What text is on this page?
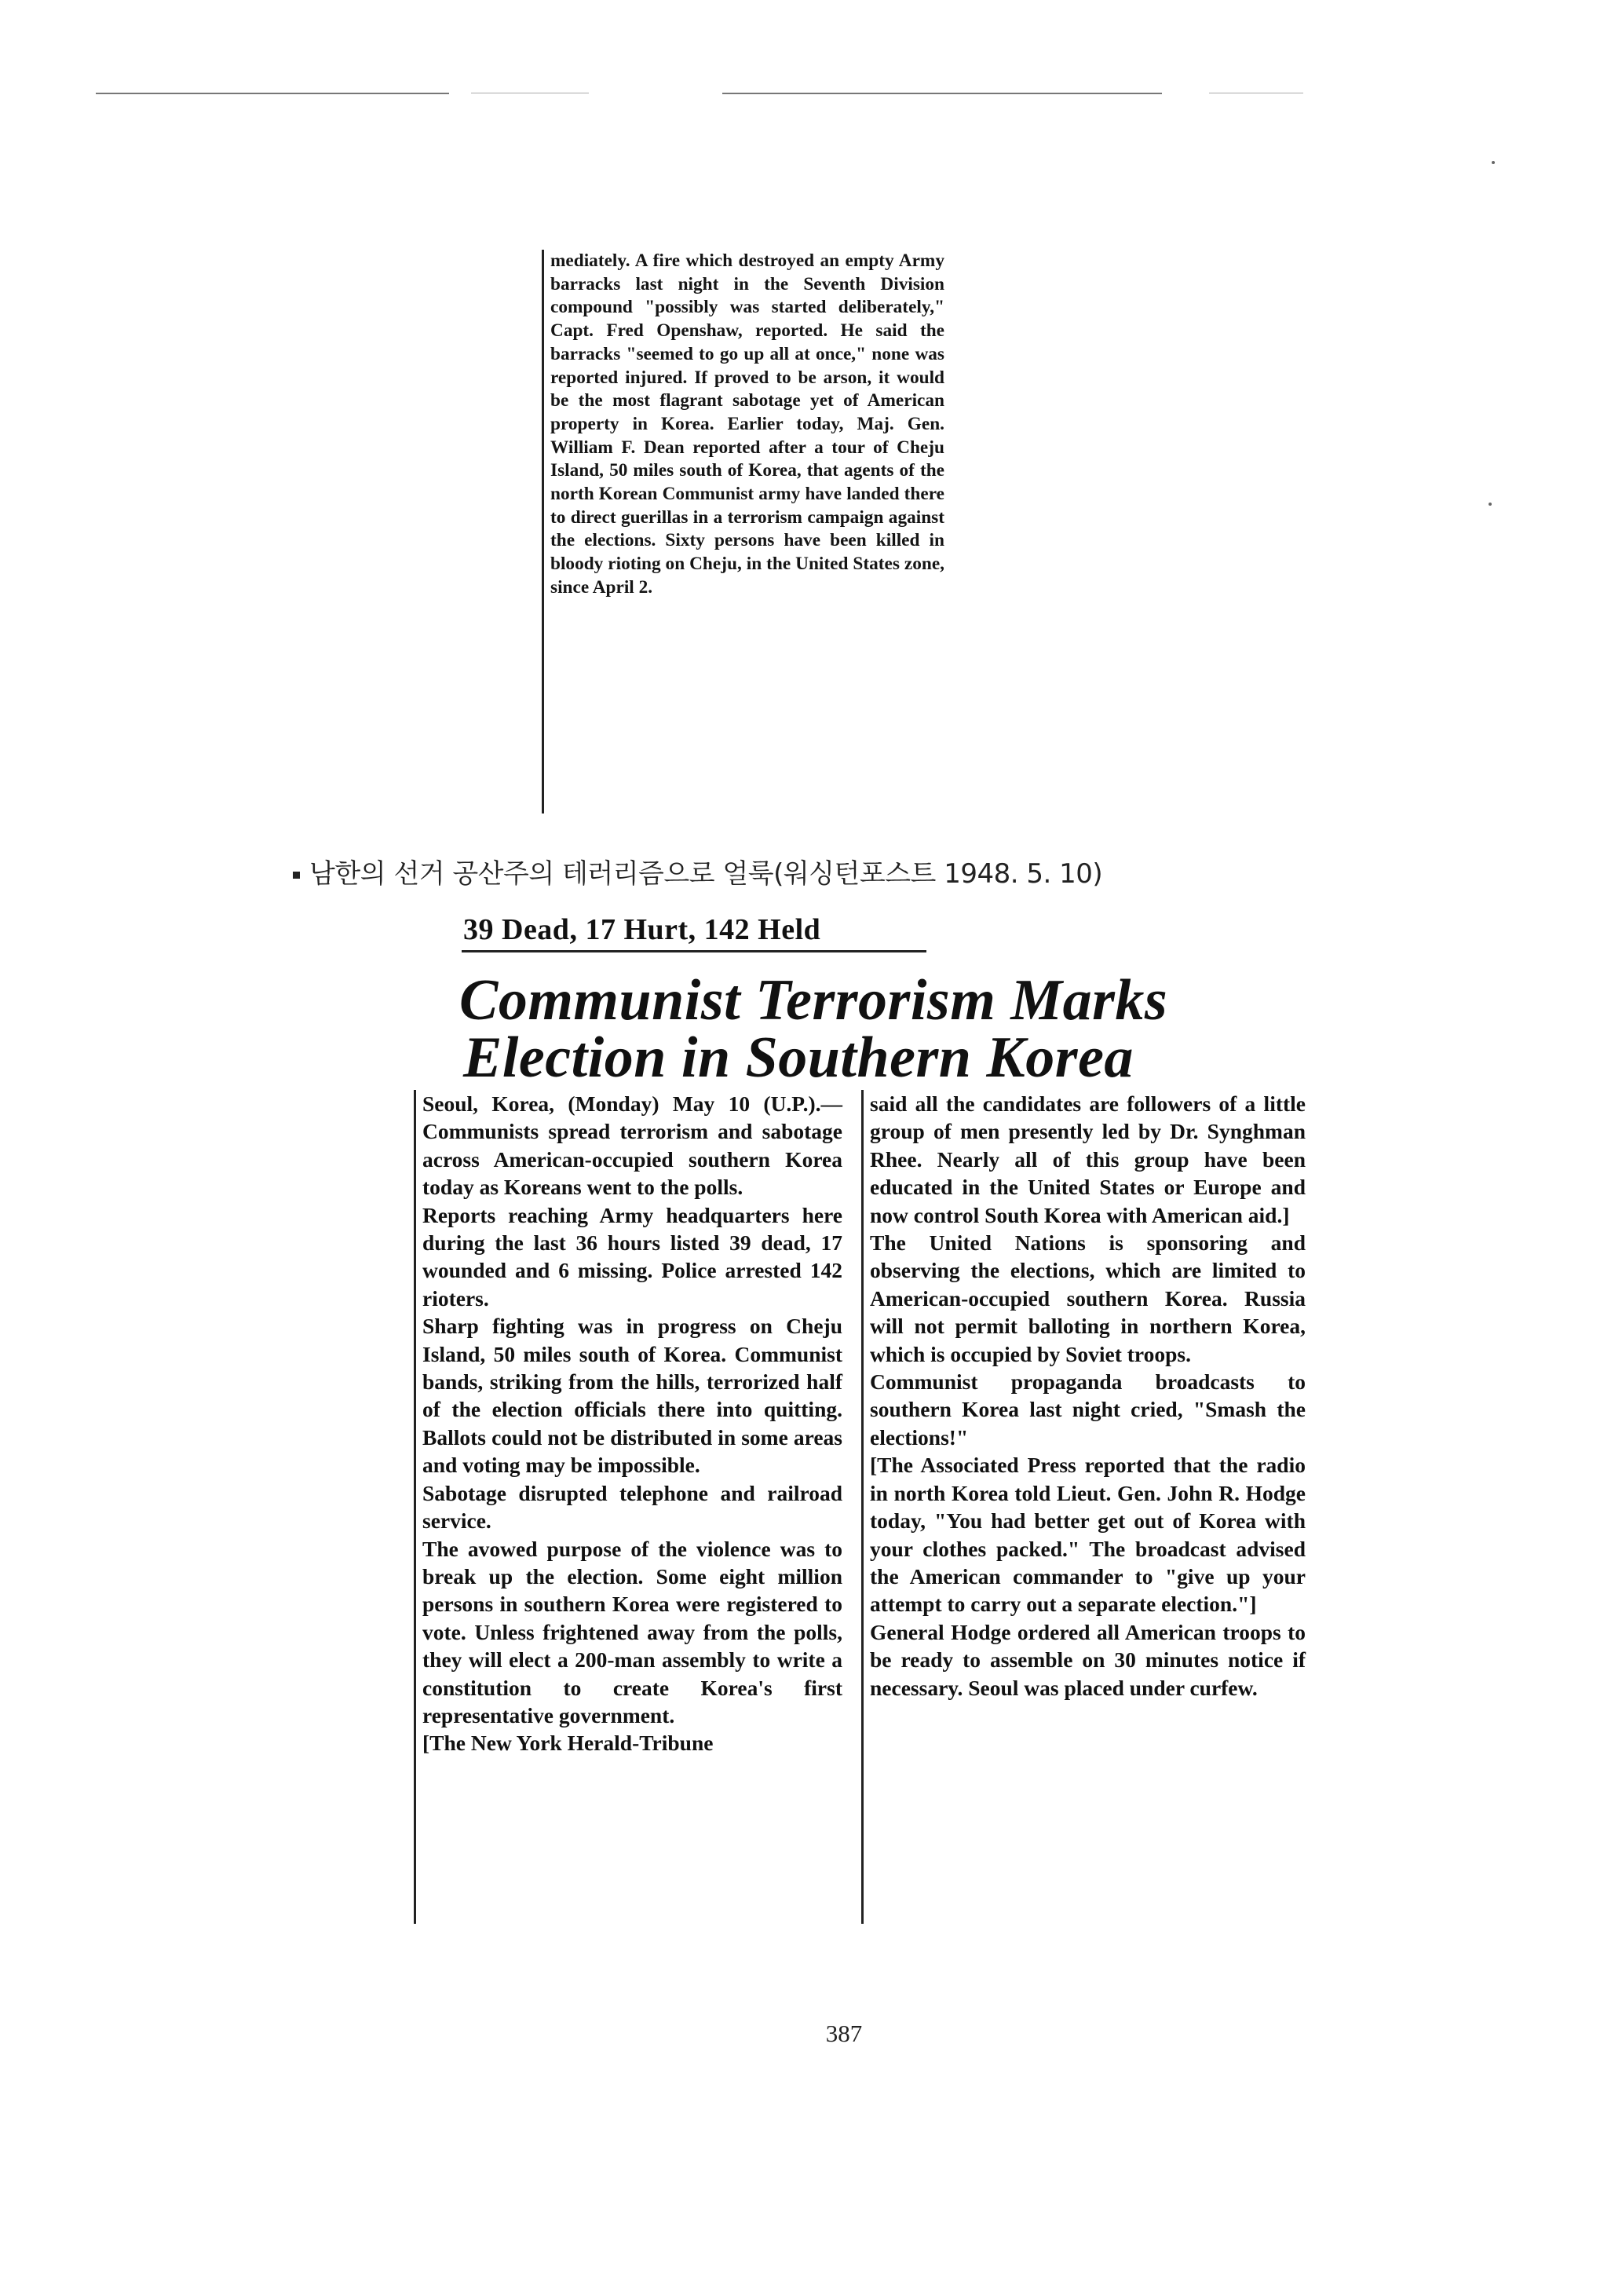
mediately. A fire which destroyed an empty Army barracks last night in the Seventh Division compound "possibly was started deliberately," Capt. Fred Openshaw, reported. He said the barracks "seemed to go up all at once," none was reported injured. If proved to be arson, it would be the most flagrant sabotage yet of American property in Korea. Earlier today, Maj. Gen. William F. Dean reported after a tour of Cheju Island, 50 miles south of Korea, that agents of the north Korean Communist army have landed there to direct guerillas in a terrorism campaign against the elections. Sixty persons have been killed in bloody rioting on Cheju, in the United States zone, since April 2.

남한의 선거 공산주의 테러리즘으로 얼룩(워싱턴포스트 1948. 5. 10)
39 Dead, 17 Hurt, 142 Held
Communist Terrorism Marks
Election in Southern Korea

Seoul, Korea, (Monday) May 10 (U.P.).—Communists spread terrorism and sabotage across American-occupied southern Korea today as Koreans went to the polls.

Reports reaching Army headquarters here during the last 36 hours listed 39 dead, 17 wounded and 6 missing. Police arrested 142 rioters.

Sharp fighting was in progress on Cheju Island, 50 miles south of Korea. Communist bands, striking from the hills, terrorized half of the election officials there into quitting. Ballots could not be distributed in some areas and voting may be impossible.

Sabotage disrupted telephone and railroad service.

The avowed purpose of the violence was to break up the election. Some eight million persons in southern Korea were registered to vote. Unless frightened away from the polls, they will elect a 200-man assembly to write a constitution to create Korea's first representative government.

[The New York Herald-Tribune

said all the candidates are followers of a little group of men presently led by Dr. Synghman Rhee. Nearly all of this group have been educated in the United States or Europe and now control South Korea with American aid.]

The United Nations is sponsoring and observing the elections, which are limited to American-occupied southern Korea. Russia will not permit balloting in northern Korea, which is occupied by Soviet troops.

Communist propaganda broadcasts to southern Korea last night cried, "Smash the elections!"

[The Associated Press reported that the radio in north Korea told Lieut. Gen. John R. Hodge today, "You had better get out of Korea with your clothes packed." The broadcast advised the American commander to "give up your attempt to carry out a separate election."]

General Hodge ordered all American troops to be ready to assemble on 30 minutes notice if necessary. Seoul was placed under curfew.

387
